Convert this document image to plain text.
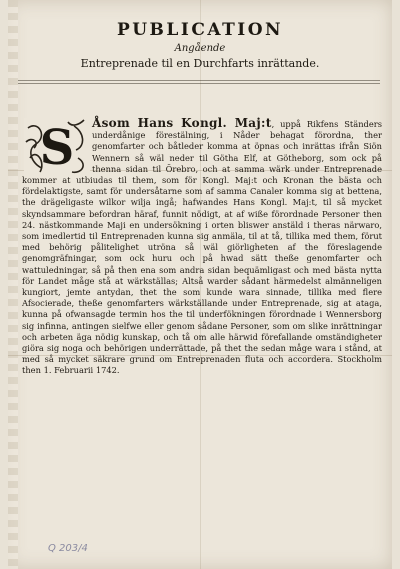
PUBLICATION
Angående
Entreprenade til en Durchfarts inrättande.
S	Åsom Hans Kongl. Maj:t, uppå Rikfens Ständers underdånige förestälning, i Nåder behagat förordna, ther genomfarter och båtleder komma at öpnas och inrättas ifrån Siön Wennern så wäl neder til Götha Elf, at Götheborg, som ock på thenna sidan til Örebro, och at samma wärk under Entreprenade kommer at utbiudas til them, som för Kongl. Maj:t och Kronan the bästa och fördelaktigste, samt för undersåtarne som af samma Canaler komma sig at bettena, the drägeligaste wilkor wilja ingå; hafwandes Hans Kongl. Maj:t, til så mycket skyndsammare befordran häraf, funnit nödigt, at af wiße förordnade Personer then 24. nästkommande Maji en undersökning i orten bliswer anstäld i theras närwaro, som imedlertid til Entreprenaden kunna sig anmäla, til at tå, tillika med them, förut med behörig pålitelighet utröna så wäl giörligheten af the föreslagende genomgräfningar, som ock huru och på hwad sätt theße genomfarter och wattuledningar, så på then ena som andra sidan bequämligast och med bästa nytta för Landet måge stå at wärkställas; Altså warder sådant härmedelst almänneligen kungiort, jemte antydan, thet the som kunde wara sinnade, tillika med flere Afsocierade, theße genomfarters wärkställande under Entreprenade, sig at ataga, kunna på ofwansagde termin hos the til underfökningen förordnade i Wennersborg sig infinna, antingen sielfwe eller genom sådane Personer, som om slike inrättningar och arbeten äga nödig kunskap, och tå om alle härwid förefallande omständigheter giöra sig noga och behörigen underrättade, på thet the sedan måge wara i stånd, at med så mycket säkrare grund om Entreprenaden fluta och accordera. Stockholm then 1. Februarii 1742.
Q 203/4
